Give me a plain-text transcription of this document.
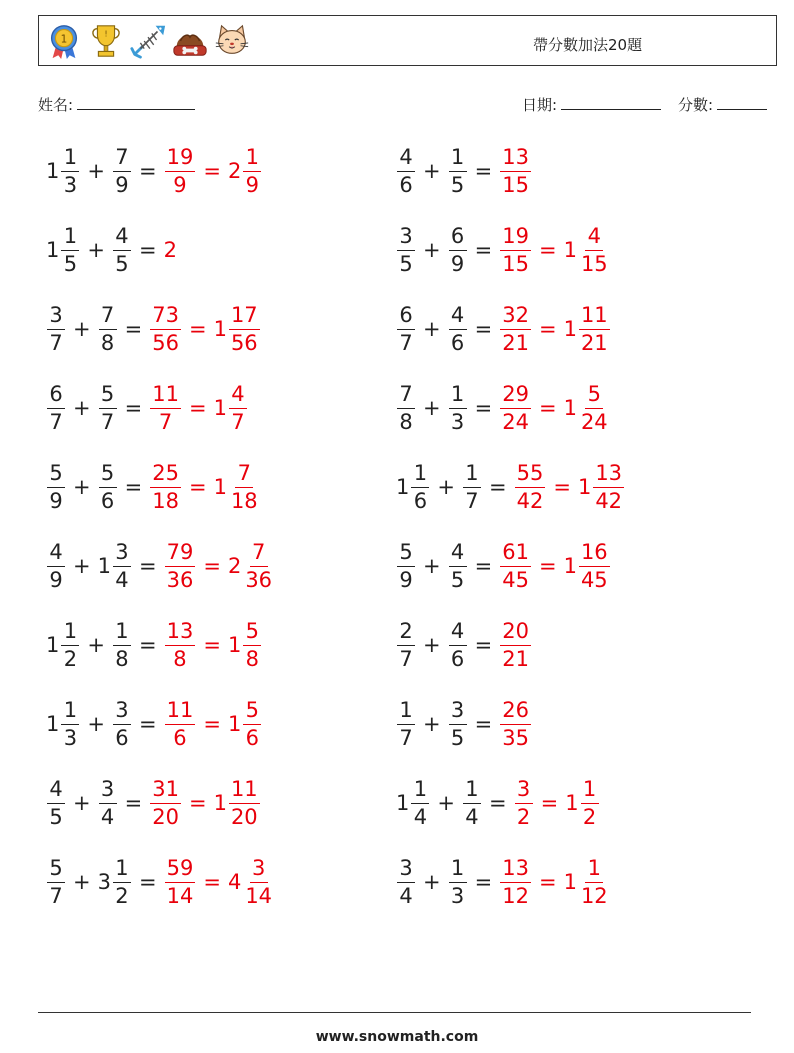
1	!
帶分數加法20題
姓名:	日期:	分數:
$1 \frac{1}{3} + \frac{7}{9} = \frac{19}{9} = 2 \frac{1}{9}$	$\frac{4}{6} + \frac{1}{5} = \frac{13}{15}$
$1 \frac{1}{5} + \frac{4}{5} = 2$	$\frac{3}{5} + \frac{6}{9} = \frac{19}{15} = 1 \frac{4}{15}$
$\frac{3}{7} + \frac{7}{8} = \frac{73}{56} = 1 \frac{17}{56}$	$\frac{6}{7} + \frac{4}{6} = \frac{32}{21} = 1 \frac{11}{21}$
$\frac{6}{7} + \frac{5}{7} = \frac{11}{7} = 1 \frac{4}{7}$	$\frac{7}{8} + \frac{1}{3} = \frac{29}{24} = 1 \frac{5}{24}$
$\frac{5}{9} + \frac{5}{6} = \frac{25}{18} = 1 \frac{7}{18}$	$1 \frac{1}{6} + \frac{1}{7} = \frac{55}{42} = 1 \frac{13}{42}$
$\frac{4}{9} + 1 \frac{3}{4} = \frac{79}{36} = 2 \frac{7}{36}$	$\frac{5}{9} + \frac{4}{5} = \frac{61}{45} = 1 \frac{16}{45}$
$1 \frac{1}{2} + \frac{1}{8} = \frac{13}{8} = 1 \frac{5}{8}$	$\frac{2}{7} + \frac{4}{6} = \frac{20}{21}$
$1 \frac{1}{3} + \frac{3}{6} = \frac{11}{6} = 1 \frac{5}{6}$	$\frac{1}{7} + \frac{3}{5} = \frac{26}{35}$
$\frac{4}{5} + \frac{3}{4} = \frac{31}{20} = 1 \frac{11}{20}$	$1 \frac{1}{4} + \frac{1}{4} = \frac{3}{2} = 1 \frac{1}{2}$
$\frac{5}{7} + 3 \frac{1}{2} = \frac{59}{14} = 4 \frac{3}{14}$	$\frac{3}{4} + \frac{1}{3} = \frac{13}{12} = 1 \frac{1}{12}$
www.snowmath.com
